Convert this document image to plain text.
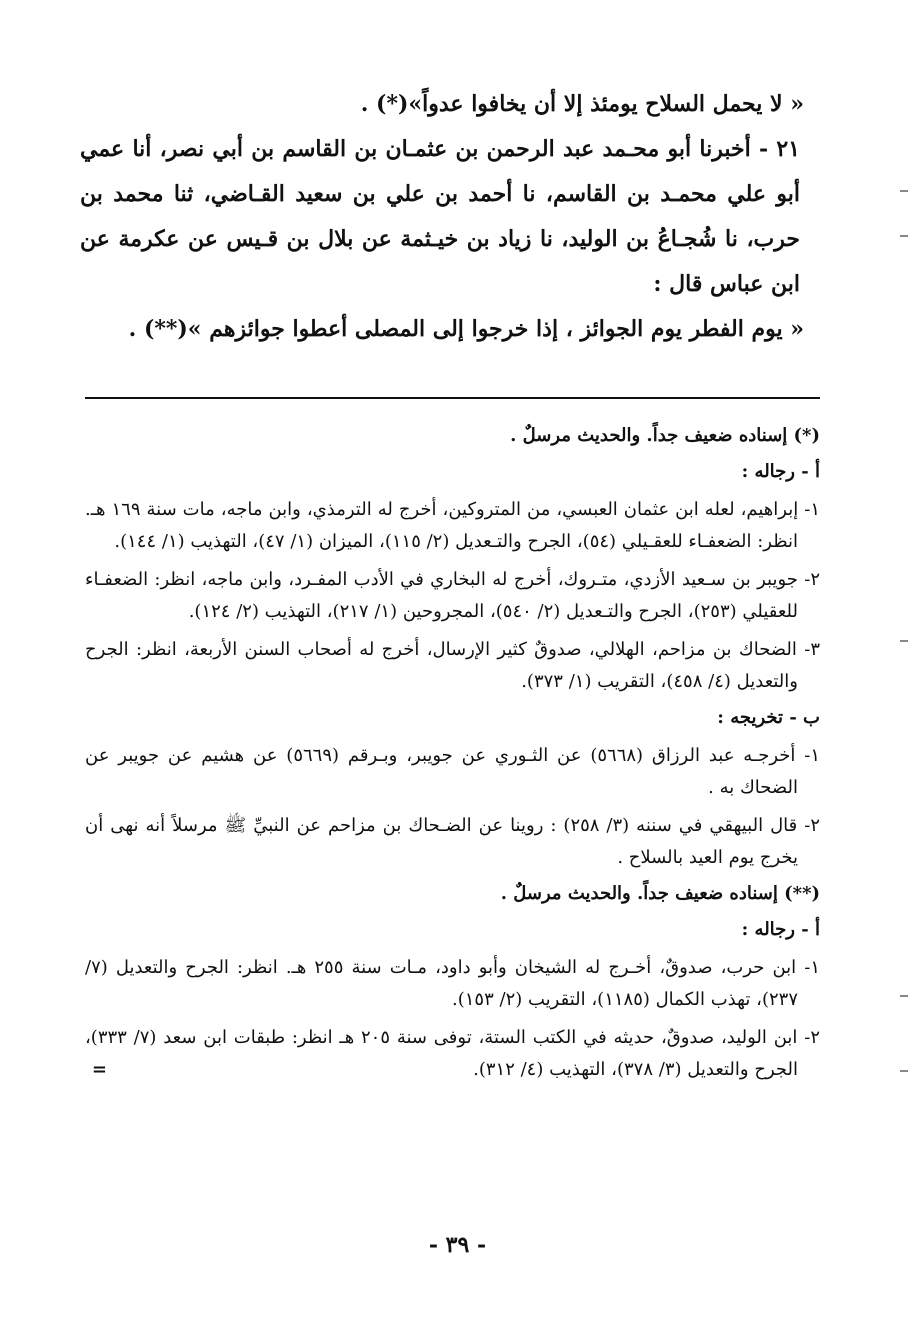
« لا يحمل السلاح يومئذ إلا أن يخافوا عدواً»(*) .

٢١ - أخبرنا أبو محـمد عبد الرحمن بن عثمـان بن القاسم بن أبي نصر، أنا عمي أبو علي محمـد بن القاسم، نا أحمد بن علي بن سعيد القـاضي، ثنا محمد بن حرب، نا شُجـاعُ بن الوليد، نا زياد بن خيـثمة عن بلال بن قـيس عن عكرمة عن ابن عباس قال :

« يوم الفطر يوم الجوائز ، إذا خرجوا إلى المصلى أعطوا جوائزهم »(**) .

(*) إسناده ضعيف جداً. والحديث مرسلٌ .

أ - رجاله :

١- إبراهيم، لعله ابن عثمان العبسي، من المتروكين، أخرج له الترمذي، وابن ماجه، مات سنة ١٦٩ هـ. انظر: الضعفـاء للعقـيلي (٥٤)، الجرح والتـعديل (٢/ ١١٥)، الميزان (١/ ٤٧)، التهذيب (١/ ١٤٤).

٢- جويبر بن سـعيد الأزدي، متـروك، أخرج له البخاري في الأدب المفـرد، وابن ماجه، انظر: الضعفـاء للعقيلي (٢٥٣)، الجرح والتـعديل (٢/ ٥٤٠)، المجروحين (١/ ٢١٧)، التهذيب (٢/ ١٢٤).

٣- الضحاك بن مزاحم، الهلالي، صدوقٌ كثير الإرسال، أخرج له أصحاب السنن الأربعة، انظر: الجرح والتعديل (٤/ ٤٥٨)، التقريب (١/ ٣٧٣).

ب - تخريجه :

١- أخرجـه عبد الرزاق (٥٦٦٨) عن الثـوري عن جويبر، وبـرقم (٥٦٦٩) عن هشيم عن جويبر عن الضحاك به .

٢- قال البيهقي في سننه (٣/ ٢٥٨) : روينا عن الضـحاك بن مزاحم عن النبيِّ ﷺ مرسلاً أنه نهى أن يخرج يوم العيد بالسلاح .

(**) إسناده ضعيف جداً. والحديث مرسلٌ .

أ - رجاله :

١- ابن حرب، صدوقٌ، أخـرج له الشيخان وأبو داود، مـات سنة ٢٥٥ هـ. انظر: الجرح والتعديل (٧/ ٢٣٧)، تهذب الكمال (١١٨٥)، التقريب (٢/ ١٥٣).

٢- ابن الوليد، صدوقٌ، حديثه في الكتب الستة، توفى سنة ٢٠٥ هـ انظر: طبقات ابن سعد (٧/ ٣٣٣)، الجرح والتعديل (٣/ ٣٧٨)، التهذيب (٤/ ٣١٢).
=

- ٣٩ -
